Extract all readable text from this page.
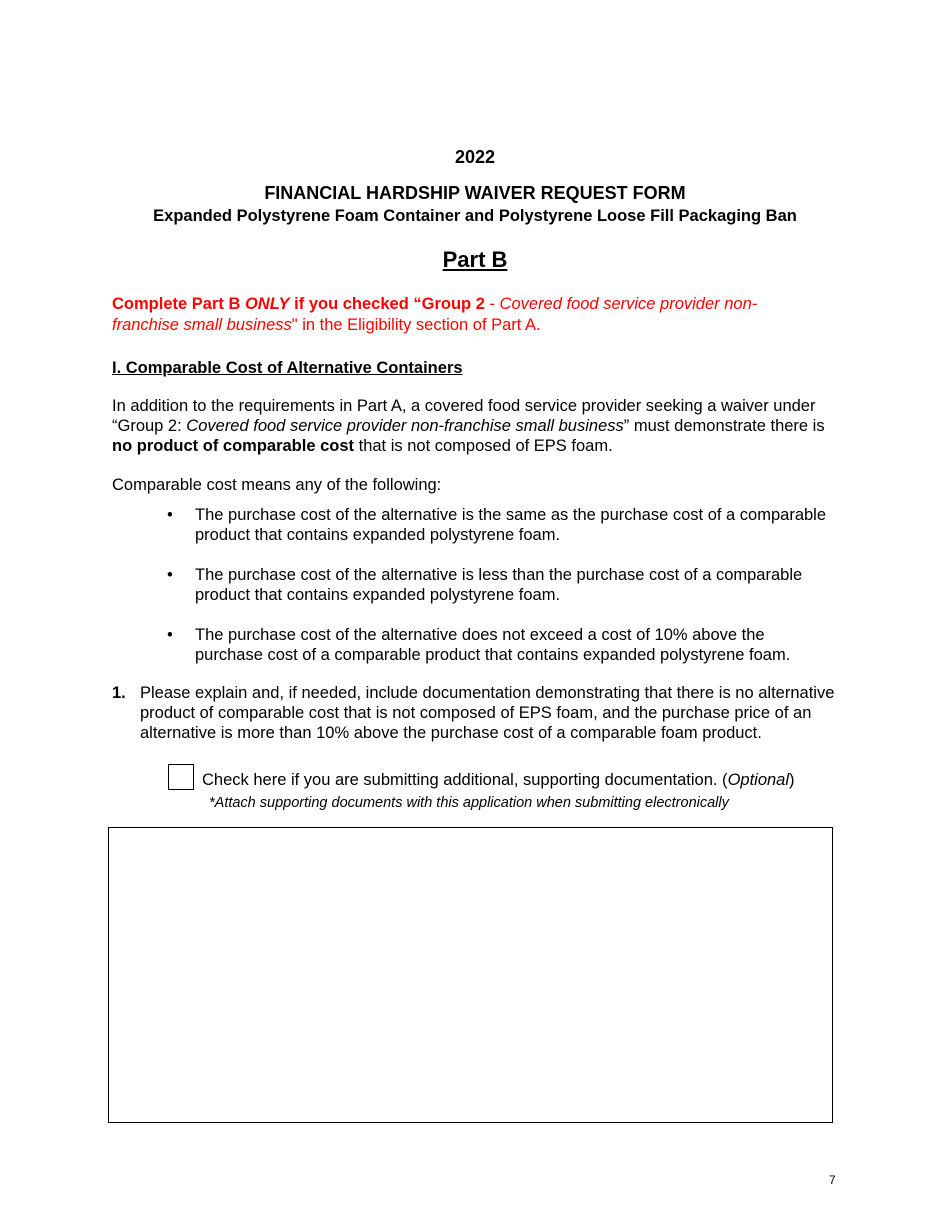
2022
FINANCIAL HARDSHIP WAIVER REQUEST FORM
Expanded Polystyrene Foam Container and Polystyrene Loose Fill Packaging Ban
Part B
Complete Part B ONLY if you checked “Group 2 - Covered food service provider non-franchise small business" in the Eligibility section of Part A.
I. Comparable Cost of Alternative Containers
In addition to the requirements in Part A, a covered food service provider seeking a waiver under “Group 2: Covered food service provider non-franchise small business” must demonstrate there is no product of comparable cost that is not composed of EPS foam.
Comparable cost means any of the following:
• The purchase cost of the alternative is the same as the purchase cost of a comparable product that contains expanded polystyrene foam.
• The purchase cost of the alternative is less than the purchase cost of a comparable product that contains expanded polystyrene foam.
• The purchase cost of the alternative does not exceed a cost of 10% above the purchase cost of a comparable product that contains expanded polystyrene foam.
1. Please explain and, if needed, include documentation demonstrating that there is no alternative product of comparable cost that is not composed of EPS foam, and the purchase price of an alternative is more than 10% above the purchase cost of a comparable foam product.
Check here if you are submitting additional, supporting documentation. (Optional)
*Attach supporting documents with this application when submitting electronically
7
